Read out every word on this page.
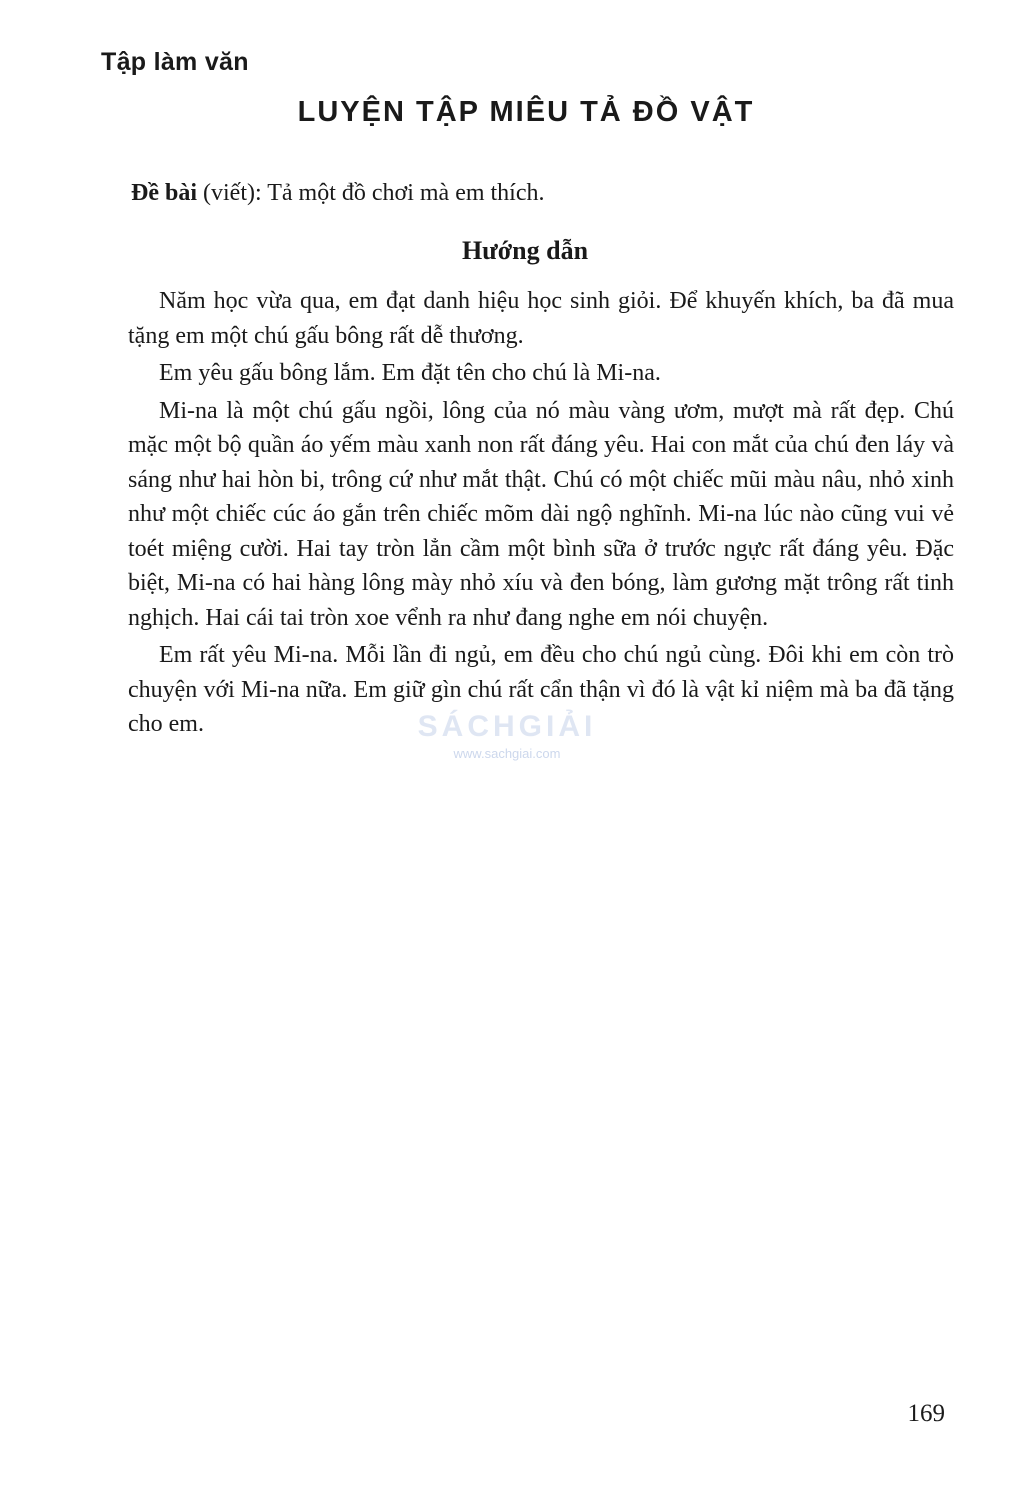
Tập làm văn
LUYỆN TẬP MIÊU TẢ ĐỒ VẬT
Đề bài (viết): Tả một đồ chơi mà em thích.
Hướng dẫn

Năm học vừa qua, em đạt danh hiệu học sinh giỏi. Để khuyến khích, ba đã mua tặng em một chú gấu bông rất dễ thương.

Em yêu gấu bông lắm. Em đặt tên cho chú là Mi-na.

Mi-na là một chú gấu ngồi, lông của nó màu vàng ươm, mượt mà rất đẹp. Chú mặc một bộ quần áo yếm màu xanh non rất đáng yêu. Hai con mắt của chú đen láy và sáng như hai hòn bi, trông cứ như mắt thật. Chú có một chiếc mũi màu nâu, nhỏ xinh như một chiếc cúc áo gắn trên chiếc mõm dài ngộ nghĩnh. Mi-na lúc nào cũng vui vẻ toét miệng cười. Hai tay tròn lẳn cầm một bình sữa ở trước ngực rất đáng yêu. Đặc biệt, Mi-na có hai hàng lông mày nhỏ xíu và đen bóng, làm gương mặt trông rất tinh nghịch. Hai cái tai tròn xoe vểnh ra như đang nghe em nói chuyện.

Em rất yêu Mi-na. Mỗi lần đi ngủ, em đều cho chú ngủ cùng. Đôi khi em còn trò chuyện với Mi-na nữa. Em giữ gìn chú rất cẩn thận vì đó là vật kỉ niệm mà ba đã tặng cho em.	SÁCHGIẢI
www.sachgiai.com
169
